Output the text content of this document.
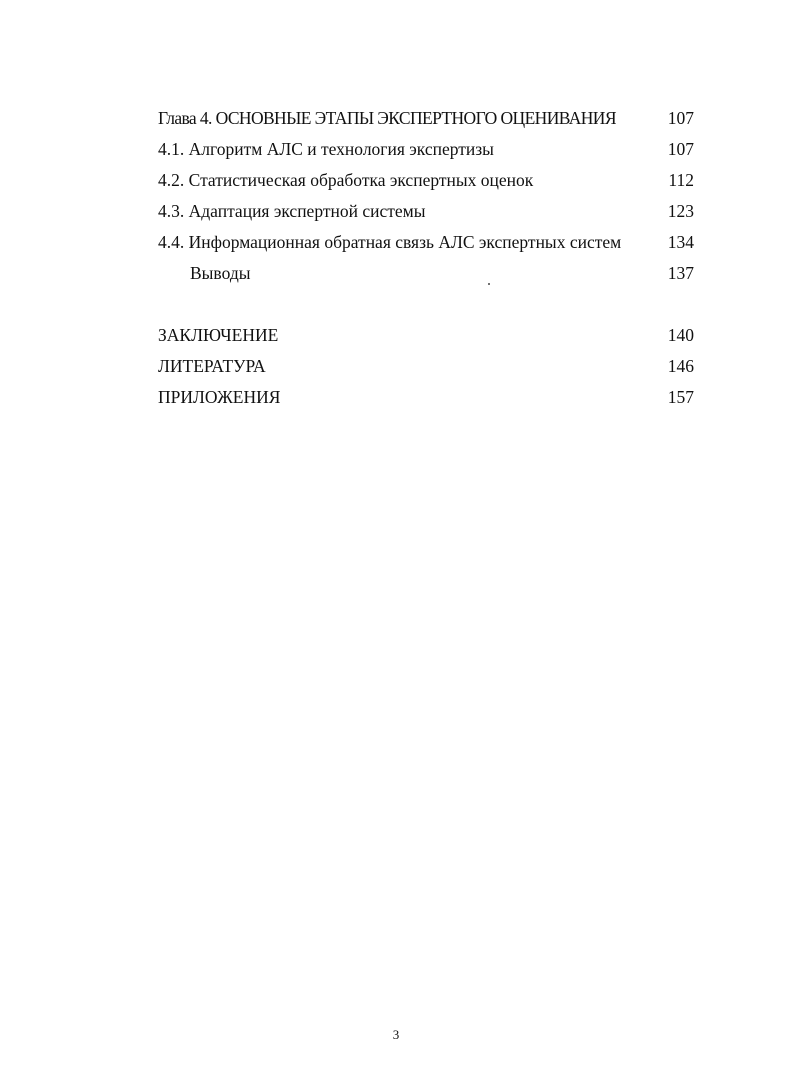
Глава 4. ОСНОВНЫЕ ЭТАПЫ ЭКСПЕРТНОГО ОЦЕНИВАНИЯ	107
4.1. Алгоритм АЛС и технология экспертизы	107
4.2. Статистическая обработка экспертных оценок	112
4.3. Адаптация экспертной системы	123
4.4. Информационная обратная связь АЛС экспертных систем	134
Выводы	137
ЗАКЛЮЧЕНИЕ	140
ЛИТЕРАТУРА	146
ПРИЛОЖЕНИЯ	157
3
